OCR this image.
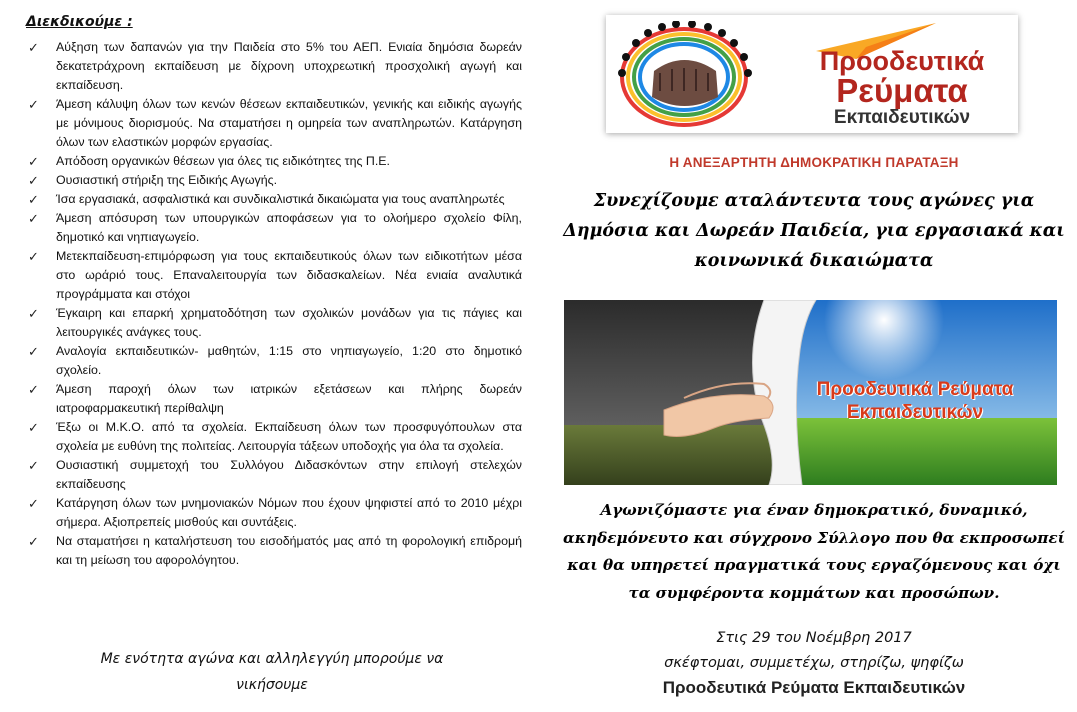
Διεκδικούμε :
✓ Αύξηση των δαπανών για την Παιδεία στο 5% του ΑΕΠ. Ενιαία δημόσια δωρεάν δεκατετράχρονη εκπαίδευση με δίχρονη υποχρεωτική προσχολική αγωγή και εκπαίδευση.
✓ Άμεση κάλυψη όλων των κενών θέσεων εκπαιδευτικών, γενικής και ειδικής αγωγής με μόνιμους διορισμούς. Να σταματήσει η ομηρεία των αναπληρωτών. Κατάργηση όλων των ελαστικών μορφών εργασίας.
✓ Απόδοση οργανικών θέσεων για όλες τις ειδικότητες της Π.Ε.
✓ Ουσιαστική στήριξη της Ειδικής Αγωγής.
✓ Ίσα εργασιακά, ασφαλιστικά και συνδικαλιστικά δικαιώματα για τους αναπληρωτές
✓ Άμεση απόσυρση των υπουργικών αποφάσεων για το ολοήμερο σχολείο Φίλη, δημοτικό και νηπιαγωγείο.
✓ Μετεκπαίδευση-επιμόρφωση για τους εκπαιδευτικούς όλων των ειδικοτήτων μέσα στο ωράριό τους. Επαναλειτουργία των διδασκαλείων. Νέα ενιαία αναλυτικά προγράμματα και στόχοι
✓ Έγκαιρη και επαρκή χρηματοδότηση των σχολικών μονάδων για τις πάγιες και λειτουργικές ανάγκες τους.
✓ Αναλογία εκπαιδευτικών- μαθητών, 1:15 στο νηπιαγωγείο, 1:20 στο δημοτικό σχολείο.
✓ Άμεση παροχή όλων των ιατρικών εξετάσεων και πλήρης δωρεάν ιατροφαρμακευτική περίθαλψη
✓ Έξω οι Μ.Κ.Ο. από τα σχολεία. Εκπαίδευση όλων των προσφυγόπουλων στα σχολεία με ευθύνη της πολιτείας. Λειτουργία τάξεων υποδοχής για όλα τα σχολεία.
✓ Ουσιαστική συμμετοχή του Συλλόγου Διδασκόντων στην επιλογή στελεχών εκπαίδευσης
✓ Κατάργηση όλων των μνημονιακών Νόμων που έχουν ψηφιστεί από το 2010 μέχρι σήμερα. Αξιοπρεπείς μισθούς και συντάξεις.
✓ Να σταματήσει η καταλήστευση του εισοδήματός μας από τη φορολογική επιδρομή και τη μείωση του αφορολόγητου.
Με ενότητα αγώνα και αλληλεγγύη μπορούμε να
νικήσουμε
Προοδευτικά
Ρεύματα
Εκπαιδευτικών
Η ΑΝΕΞΑΡΤΗΤΗ ΔΗΜΟΚΡΑΤΙΚΗ ΠΑΡΑΤΑΞΗ
Συνεχίζουμε αταλάντευτα τους αγώνες για
Δημόσια και Δωρεάν Παιδεία, για εργασιακά και
κοινωνικά δικαιώματα
Προοδευτικά Ρεύματα
Εκπαιδευτικών
Αγωνιζόμαστε για έναν δημοκρατικό, δυναμικό,
ακηδεμόνευτο και σύγχρονο Σύλλογο που θα εκπροσωπεί
και θα υπηρετεί πραγματικά τους εργαζόμενους και όχι
τα συμφέροντα κομμάτων και προσώπων.
Στις 29 του Νοέμβρη 2017
σκέφτομαι, συμμετέχω, στηρίζω, ψηφίζω
Προοδευτικά Ρεύματα Εκπαιδευτικών
